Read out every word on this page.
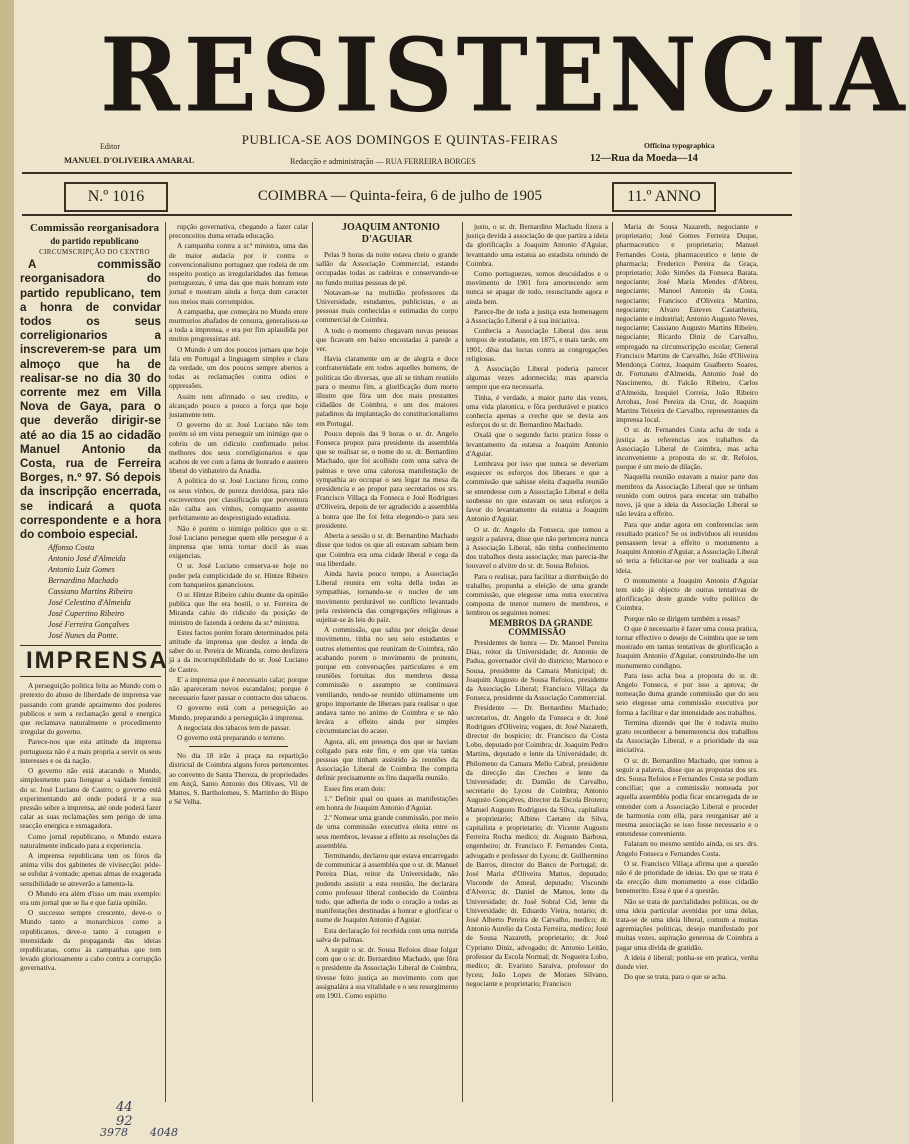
RESISTENCIA
PUBLICA-SE AOS DOMINGOS E QUINTAS-FEIRAS
Editor
MANUEL D'OLIVEIRA AMARAL	Redacção e administração — RUA FERREIRA BORGES
Officina typographica
12—Rua da Moeda—14
N.º 1016	COIMBRA — Quinta-feira, 6 de julho de 1905	11.º ANNO

Commissão reorganisadora

do partido republicano

CIRCUMSCRIPÇÃO DO CENTRO

A commissão reorganisadora do partido republicano, tem a honra de convidar todos os seus correligionarios a inscreverem-se para um almoço que ha de realisar-se no dia 30 do corrente mez em Villa Nova de Gaya, para o que deverão dirigir-se até ao dia 15 ao cidadão Manuel Antonio da Costa, rua de Ferreira Borges, n.º 97. Só depois da inscripção encerrada, se indicará a quota correspondente e a hora do comboio especial.

Affonso Costa

Antonio José d'Almeida

Antonio Luiz Gomes

Bernardino Machado

Cassiano Martins Ribeiro

José Celestino d'Almeida

José Cupertino Ribeiro

José Ferreira Gonçalves

José Nunes da Ponte.

IMPRENSA

A perseguição politica feita ao Mundo com o pretexto do abuso de liberdade de imprensa vae passando com grande apraimento dos poderes publicos e sem a reclamação geral e energica que reclamava naturalmente o procedimento irregular do governo.

Parece-nos que esta attitude da imprensa portugueza não é a mais propria a servir os seus interesses e os da nação.

O governo não está atacando o Mundo, simplesmente para liongear a vaidade feminil do sr. José Luciano de Castro; o governo está experimentando até onde poderá ir a sua pressão sobre a imprensa, até onde poderá fazer calar as suas reclamações sem perigo de uma reacção energica e esmagadora.

Como jornal republicano, o Mundo estava naturalmente indicado para a experiencia.

A imprensa republicana tem os fóros da anima vilis dos gabinetes de vivisecção: póde-se esfolar á vontade; apenas almas de exagerada sensibilidade se atreverão a lamenta-la.

O Mundo era além d'isso um mau exemplo: era um jornal que se lia e que fazia opinião.

O successo sempre crescente, deve-o o Mundo tanto a monarchicos como a republicanos, deve-o tanto á coragem e intensidade da propaganda das ideias republicanas, como ás campanhas que tem levado gloriosamente a cabo contra a corrupção governativa.

rupção governativa, chegando a fazer calar preconceitos duma errada educação.

A campanha contra a sr.ª ministra, uma das de maior audacia por ir contra o convencionalismo portuguez que rodeia de um respeito postiço as irregularidades das femeas portuguezas, é uma das que mais honram este jornal e mostram ainda a força dum caracter nos meios mais corrompidos.

A campanha, que começára no Mundo entre murmurios abafados de censura, generalisou-se a toda a imprensa, e era por fim aplaudida por muitos progressistas até.

O Mundo é um dos poucos jornaes que hoje fala em Portugal a linguagem simples e clara da verdade, um dos poucos sempre abertos a todas as reclamações contra odios e oppressões.

Assim tem afirmado o seu credito, e alcançado pouco a pouco a força que hoje justamente tem.

O governo do sr. José Luciano não tem porém só em vista perseguir um inimigo que o cobriu de um ridiculo confirmado pelos melhores dos seus correligionarios e que acabou de ver com a fama de honrado e austero liberal do vinhateiro da Anadia.

A politica do sr. José Luciano ficou, como os seus vinhos, de pureza duvidosa, para não escrevermos por classificação que porventura não caiba aos vinhos, comquanto assente perfeitamente ao desprestigiado estadista.

Não é porém o inimigo politico que o sr. José Luciano persegue quem elle persegue é a imprensa que tenta tornar docil ás suas exigencias.

O sr. José Luciano conserva-se hoje no poder pela cumplicidade do sr. Hintze Ribeiro com banqueiros gananciosos.

O sr. Hintze Ribeiro cahiu deante da opinião publica que lhe era hostil, o sr. Ferreira de Miranda cahiu do ridiculo da posição de ministro de fazenda á ordens da sr.ª ministra.

Estes factos porém foram determinados pela attitude da imprensa que desfez a lenda de saber do sr. Pereira de Miranda, como desfizera já a da incorruptibilidade do sr. José Luciano de Castro.

E' a imprensa que é necessario calar; porque não apareceram novos escandalos; porque é necessario fazer passar o contracto dos tabacos.

O governo está com a perseguição ao Mundo, preparando a perseguição á imprensa.

A negociata dos tabacos tem de passar.

O governo está preparando o terreno.

No dia 18 irão á praça na repartição districtal de Coimbra alguns foros pertencentes ao convento de Santa Thereza, de propriedades em Ançã, Santo Antonio dos Olivaes, Vil de Mattos, S. Bartholomeu, S. Martinho do Bispo e Sé Velha.

JOAQUIM ANTONIO D'AGUIAR

Pelas 9 horas da noite estava cheio o grande sallão da Associação Commercial, estando occupadas todas as cadeiras e conservando-se no fundo muitas pessoas de pé.

Notavam-se na multidão professores da Universidade, estudantes, publicistas, e as pessoas mais conhecidas e estimadas do corpo commercial de Coimbra.

A todo o momento chegavam novas pessoas que ficavam em baixo encostadas á parede a ver.

Havia claramente um ar de alegria e doce confraternidade em todos aquelles homens, de politicas tão diversas, que ali se tinham reunido para o mesmo fim, a glorificação dum morto illustre que fôra um dos mais prestantes cidadãos de Coimbra, e um dos maiores paladinos da implantação do constitucionalismo em Portugal.

Pouco depois das 9 horas o sr. dr. Angelo Fonseca propoz para presidente da assembléa que se realisar se, o nome do sr. dr. Bernardino Machado, que foi acolhido com uma salva de palmas e teve uma calorosa manifestação de sympathia ao occupar o seu logar na mesa da presidencia e ao propor para secretarios os srs. Francisco Villaça da Fonseca e José Rodrigues d'Oliveira, depois de ter agradecido a assembléa a honra que lhe foi feita elegendo-o para seu presidente.

Aberta a sessão o sr. dr. Bernardino Machado disse que todos os que ali estavam sabiam bem que Coimbra era uma cidade liberal e cega da sua liberdade.

Ainda havia pouco tempo, a Associação Liberal reunira em volta della todas as sympathias, tornando-se o nucleo de um movimento perdurável no conflicto levantado pela resistencia das congregações religiosas a sujeitar-se ás leis do paiz.

A commissão, que sahiu por eleição desse movimento, tinha no seu seio estudantes e outros elementos que reuniram de Coimbra, não acabando porem o movimento de protesto, porque em conversações particulares e em reuniões fortuitas dos membros dessa commissão o assumpto se continuava ventilando, tendo-se reunido ultimamente um grupo importante de liberaes para realisar o que andava tanto no animo de Coimbra e se não levára a effeito ainda por simples circumstancias do acaso.

Agora, ali, em presença dos que se haviam coligado para este fim, e em que via tantas pessoas que tinham assistido ás reuniões da Associação Liberal de Coimbra lhe compria definir precisamente os fins daquella reunião.

Esses fins eram dois:

1.º Definir qual ou quaes as manifestações em honra de Joaquim Antonio d'Aguiar.

2.º Nomear uma grande commissão, por meio de uma commissão executiva eleita entre os seus membros, levasse a effeito as resoluções da assembléa.

Terminando, declarou que estava encarregado de communicar á assembléa que o sr. dr. Manuel Pereira Dias, reitor da Universidade, não podendo assistir a esta reunião, lhe declarára como professor liberal conhecido de Coimbra todo, que adheria de todo o coração a todas as manifestações destinadas a honrar e glorificar o nome de Joaquim Antonio d'Aguiar.

Esta declaração foi recebida com uma nutrida salva de palmas.

A seguir o sr. dr. Sousa Refoios disse folgar com que o sr. dr. Bernardino Machado, que fôra o presidente da Associação Liberal de Coimbra, tivesse feito justiça ao movimento com que assignalára a sua vitalidade e o seu resurgimento em 1901. Como espirito

justo, o sr. dr. Bernardino Machado fizera a justiça devida á associação de que partira a ideia da glorificação a Joaquim Antonio d'Aguiar, levantando uma estatua ao estadista oriundo de Coimbra.

Como portuguezes, somos descuidados e o movimento de 1901 fora amortecendo sem nunca se apagar de todo, resuscitando agora e ainda bem.

Parece-lhe de toda a justiça esta homenagem á Associação Liberal e á sua iniciativa.

Conhecia a Associação Liberal dos seus tempos de estudante, em 1875, e mais tarde, em 1901, dêsa das luctas contra as congregações religiosas.

A Associação Liberal poderia parecer algumas vezes adormecida; mas aparecia sempre que era necessaria.

Tinha, é verdade, a maior parte das vezes, uma vida platonica, e fôra perdurável e pratico conhecia apenas a creche que se devia aos esforços do sr. dr. Bernardino Machado.

Oxalá que o segundo facto pratico fosse o levantamento da estatua a Joaquim Antonio d'Aguiar.

Lembrava por isso que nunca se deveriam esquecer os esforços dos liberaes e que a commissão que sahisse eleita d'aquella reunião se entendesse com a Associação Liberal e della soubesse no que estavam os seus esforços a favor do levantamento da estatua a Joaquim Antonio d'Aguiar.

O sr. dr. Angelo da Fonseca, que tomou a seguir a palavra, disse que não pertencera nunca á Associação Liberal, não tinha conhecimento dos trabalhos desta associação; mas parecia-lhe louvavel o alvitre do sr. dr. Sousa Refoios.

Para o realisar, para facilitar a distribuição do trabalho, propunha a eleição de uma grande commissão, que elegesse uma outra executiva composta de menor numero de membros, e lembrou os seguintes nomes:

MEMBROS DA GRANDE COMMISSÃO

Presidentes de honra — Dr. Manoel Pereira Dias, reitor da Universidade; dr. Antonio de Padua, governador civil do districto; Marnoco e Sousa, presidente da Camara Municipal; dr. Joaquim Augusto de Sousa Refoios, presidente da Associação Liberal; Francisco Villaça da Fonseca, presidente da Associação Commercial.

Presidente — Dr. Bernardino Machado; secretarios, dr. Angelo da Fonseca e dr. José Rodrigues d'Oliveira; vogaes, dr. José Nazareth, director do hospicio; dr. Francisco da Costa Lobo, deputado por Coimbra; dr. Joaquim Pedro Martins, deputado e lente da Universidade; dr. Philomeno da Camara Mello Cabral, presidente da direcção das Creches e lente da Universidade; dr. Damião de Carvalho, secretario do Lyceu de Coimbra; Antonio Augusto Gonçalves, director da Escola Brotero; Manuel Augusto Rodrigues da Silva, capitalista e proprietario; Albino Caetano da Silva, capitalista e proprietario; dr. Vicente Augusto Ferreira Rocha medico; dr. Augusto Barbosa, engenheiro; dr. Francisco F. Fernandes Costa, advogado e professor do Lyceu; dr. Guilhermino de Barros, director do Banco de Portugal; dr. José Maria d'Oliveira Mattos, deputado; Visconde do Ameal, deputado; Visconde d'Alverca; dr. Daniel de Mattos, lente da Universidade; dr. José Sobral Cid, lente da Universidade; dr. Eduardo Vieira, notario; dr. José Alberto Pereira de Carvalho, medico; dr. Antonio Aurelio da Costa Ferreira, medico; José de Sousa Nazareth, proprietario; dr. José Cypriano Diniz, advogado; dr. Antonio Leitão, professor da Escola Normal; dr. Nogueira Lobo, medico; dr. Evaristo Saraiva, professor do lyceu; João Lopes de Moraes Silvano, negociante e proprietario; Francisco

Maria de Sousa Nazareth, negociante e proprietario; José Gomes Ferreira Duque, pharmaceutico e proprietario; Manuel Fernandes Costa, pharmaceutico e lente de pharmacia; Frederico Pereira da Graça, proprietario; João Simões da Fonseca Barata, negociante; José Maria Mendes d'Abreu, negociante; Manoel Antonio da Costa, negociante; Francisco d'Oliveira Martins, negociante; Alvaro Esteves Castanheira, negociante e industrial; Antonio Augusto Neves, negociante; Cassiano Augusto Martins Ribeiro, negociante; Ricardo Diniz de Carvalho, empregado na circumscripção escolar; General Francisco Martins de Carvalho, João d'Oliveira Mendonça Cortez, Joaquim Gualberto Soares, dr. Fortunato d'Almeida, Antonio José do Nascimento, dr. Falcão Ribeiro, Carlos d'Almeida, Izequiel Correia, João Ribeiro Arrobas, José Pereira da Cruz, dr. Joaquim Martins Teixeira de Carvalho, representantes da imprensa local.

O sr. dr. Fernandes Costa acha de toda a justiça as referencias aos trabalhos da Associação Liberal de Coimbra, mas acha inconveniente a proposta do sr. dr. Refoios, porque é um meio de dilação.

Naquella reunião estavam a maior parte dos membros da Associação Liberal que se tinham reunido com outros para encetar um trabalho novo, já que a ideia da Associação Liberal se não levára a effeito.

Para que andar agora em conferencias sem resultado pratico? Se os individuos ali reunidos pensassem levar a effeito o monumento a Joaquim Antonio d'Aguiar, a Associação Liberal só teria a felicitar-se por ver realisada a sua ideia.

O monumento a Joaquim Antonio d'Aguiar tem sido já objecto de outras tentativas de glorificação deste grande vulto politico de Coimbra.

Porque não se dirigem também a essas?

O que é necessario é fazer uma cousa pratica, tornar effectivo o desejo de Coimbra que se tem mostrado em tantas tentativas de glorificação a Joaquim Antonio d'Aguiar, construindo-lhe um monumento condigno.

Para isso acha boa a proposta do sr. dr. Angelo Fonseca, e por isso a aprova; de nomeação duma grande commissão que do seu seio elegesse uma commissão executiva por forma a facilitar e dar intensidade aos trabalhos.

Termina dizendo que lhe é todavia muito grato reconhecer a benemerencia dos trabalhos da Associação Liberal, e a prioridade da sua iniciativa.

O sr. dr. Bernardino Machado, que tomou a seguir a palavra, disse que as propostas dos srs. drs. Sousa Refoios e Fernandes Costa se podiam conciliar; que a commissão nomeada por aquella assembléa podia ficar encarregada de se entender com a Associação Liberal e proceder de harmonia com ella, para reorganisar até a mesma associação se isso fosse necessario e o entendesse conveniente.

Falaram no mesmo sentido ainda, os srs. drs. Angelo Fonseca e Fernandes Costa.

O sr. Francisco Villaça afirma que a questão não é de prioridade de ideias. Do que se trata é da erecção dum monumento a esse cidadão benemerito. Essa é que é a questão.

Não se trata de parcialidades politicas, ou de uma ideia particular avenidas por uma delas, trata-se de uma ideia liberal, comum a muitas agremiações politicas, desejo manifestado por muitas vezes, aspiração generosa de Coimbra a pagar uma divida de gratidão.

A ideia é liberal; ponha-se em pratica, venha donde vier.

Do que se trata, para o que se acha.

44
92
3978	4048
